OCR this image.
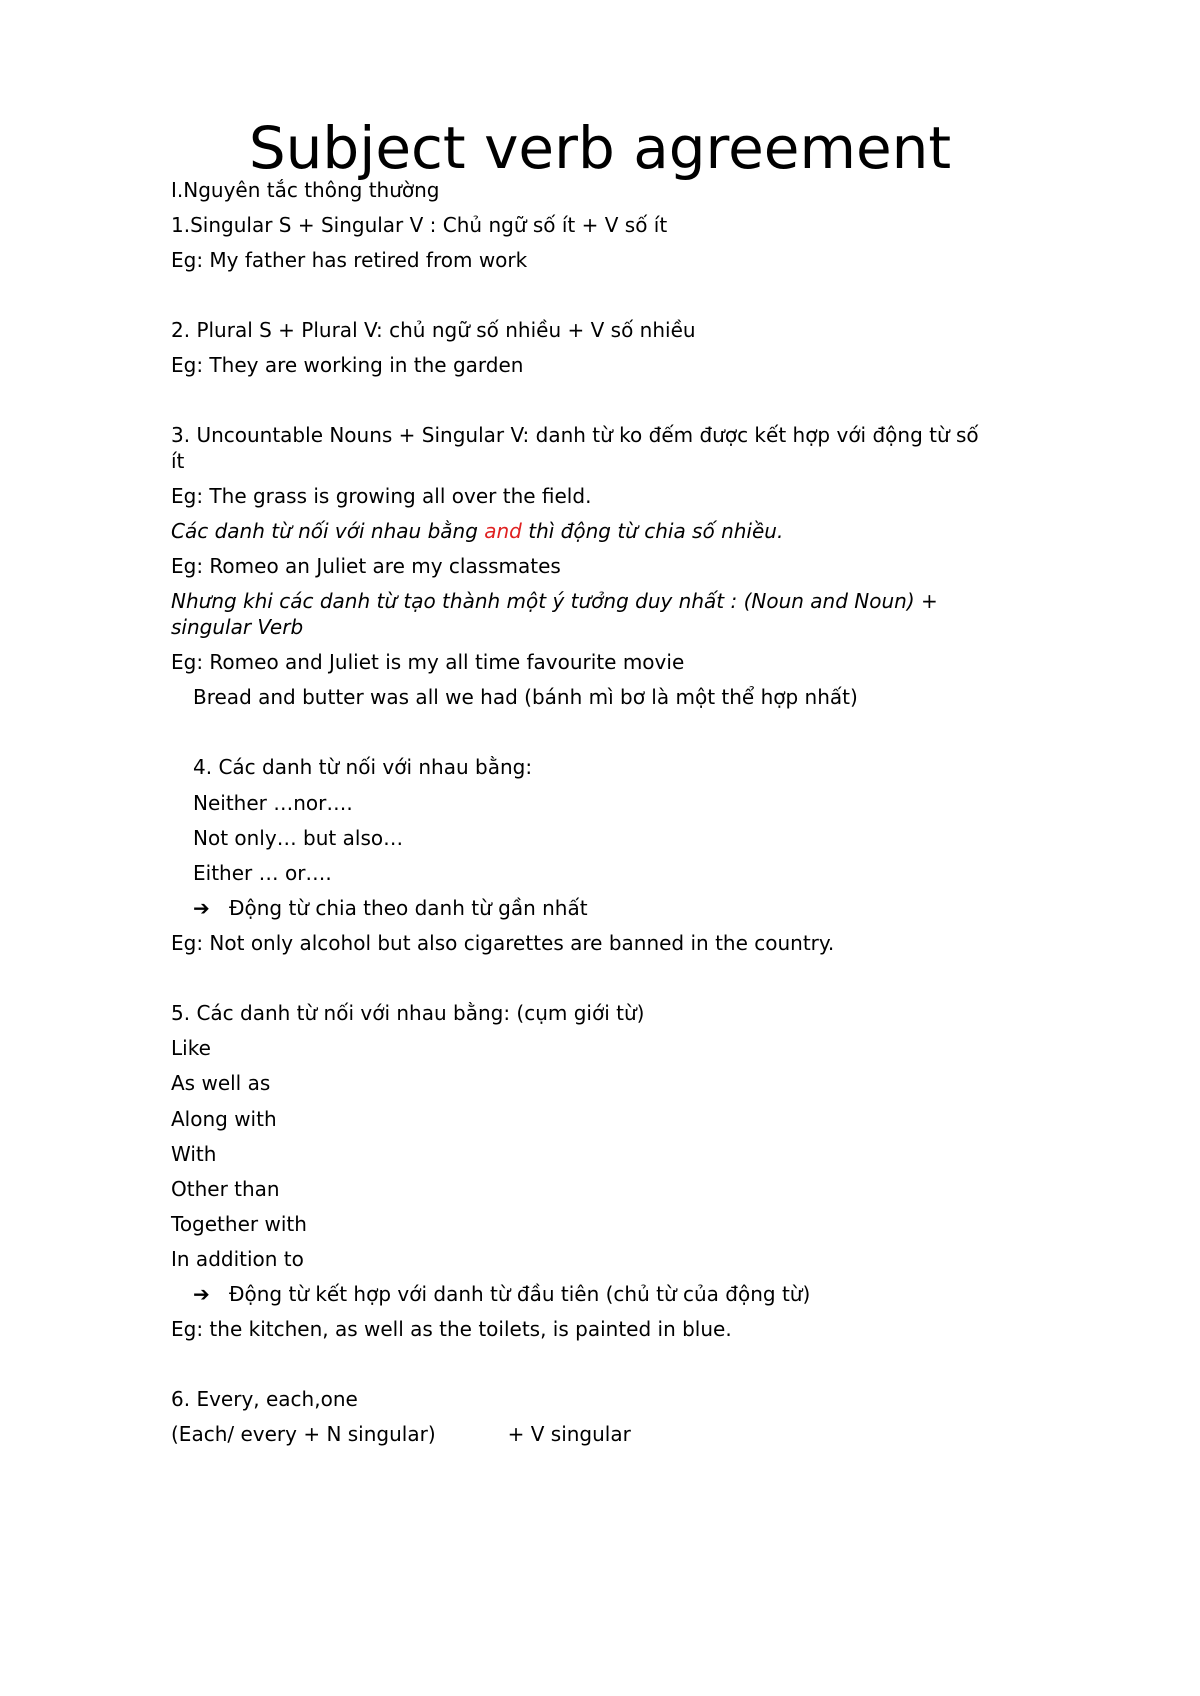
Subject verb agreement

I.Nguyên tắc thông thường

1.Singular S + Singular V : Chủ ngữ số ít + V số ít

Eg: My father has retired from work

2. Plural S + Plural V: chủ ngữ số nhiều + V số nhiều

Eg: They are working in the garden

3. Uncountable Nouns + Singular V: danh từ ko đếm được kết hợp với động từ số

ít

Eg: The grass is growing all over the field.

Các danh từ nối với nhau bằng and thì động từ chia số nhiều.

Eg: Romeo an Juliet are my classmates

Nhưng khi các danh từ tạo thành một ý tưởng duy nhất : (Noun and Noun) +

singular Verb

Eg: Romeo and Juliet is my all time favourite movie

Bread and butter was all we had (bánh mì bơ là một thể hợp nhất)

4. Các danh từ nối với nhau bằng:

Neither …nor….

Not only… but also…

Either … or….

➔ Động từ chia theo danh từ gần nhất

Eg: Not only alcohol but also cigarettes are banned in the country.

5. Các danh từ nối với nhau bằng: (cụm giới từ)

Like

As well as

Along with

With

Other than

Together with

In addition to

➔ Động từ kết hợp với danh từ đầu tiên (chủ từ của động từ)

Eg: the kitchen, as well as the toilets, is painted in blue.

6. Every, each,one

(Each/ every + N singular)	+ V singular
